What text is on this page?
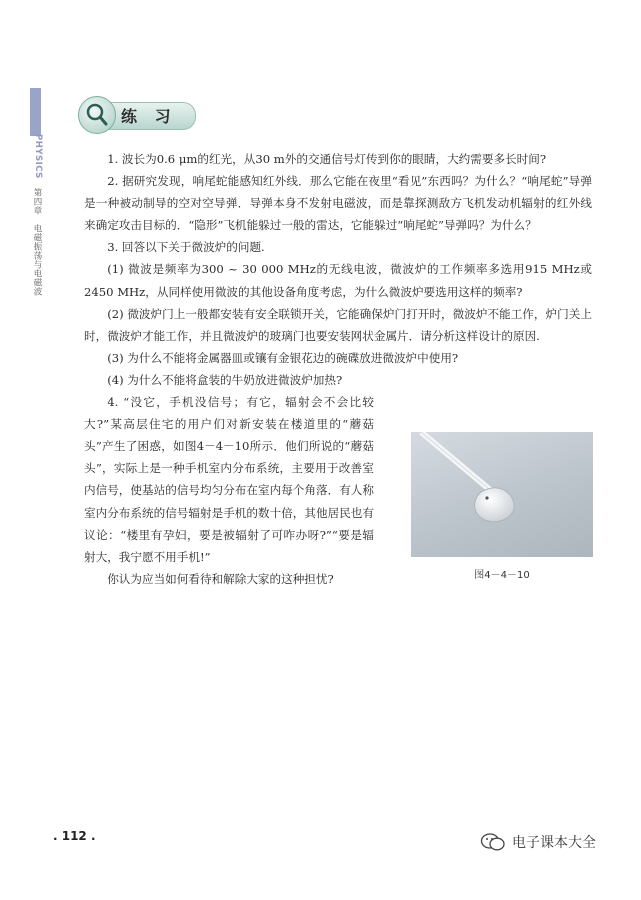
PHYSICS
第四章　电磁振荡与电磁波
练 习

1. 波长为0.6 μm的红光，从30 m外的交通信号灯传到你的眼睛，大约需要多长时间?

2. 据研究发现，响尾蛇能感知红外线．那么它能在夜里“看见”东西吗？为什么？“响尾蛇”导弹是一种被动制导的空对空导弹．导弹本身不发射电磁波，而是靠探测敌方飞机发动机辐射的红外线来确定攻击目标的．“隐形”飞机能躲过一般的雷达，它能躲过“响尾蛇”导弹吗？为什么？

3. 回答以下关于微波炉的问题.

(1) 微波是频率为300 ~ 30 000 MHz的无线电波，微波炉的工作频率多选用915 MHz或2450 MHz，从同样使用微波的其他设备角度考虑，为什么微波炉要选用这样的频率?

(2) 微波炉门上一般都安装有安全联锁开关，它能确保炉门打开时，微波炉不能工作，炉门关上时，微波炉才能工作，并且微波炉的玻璃门也要安装网状金属片．请分析这样设计的原因.

(3) 为什么不能将金属器皿或镶有金银花边的碗碟放进微波炉中使用?

(4) 为什么不能将盒装的牛奶放进微波炉加热?

4. “没它，手机没信号；有它，辐射会不会比较大?”某高层住宅的用户们对新安装在楼道里的“蘑菇头”产生了困惑，如图4－4－10所示．他们所说的“蘑菇头”，实际上是一种手机室内分布系统，主要用于改善室内信号，使基站的信号均匀分布在室内每个角落．有人称室内分布系统的信号辐射是手机的数十倍，其他居民也有议论：“楼里有孕妇，要是被辐射了可咋办呀?”“要是辐射大，我宁愿不用手机!”

你认为应当如何看待和解除大家的这种担忧?	图4－4－10
. 112 .	电子课本大全
